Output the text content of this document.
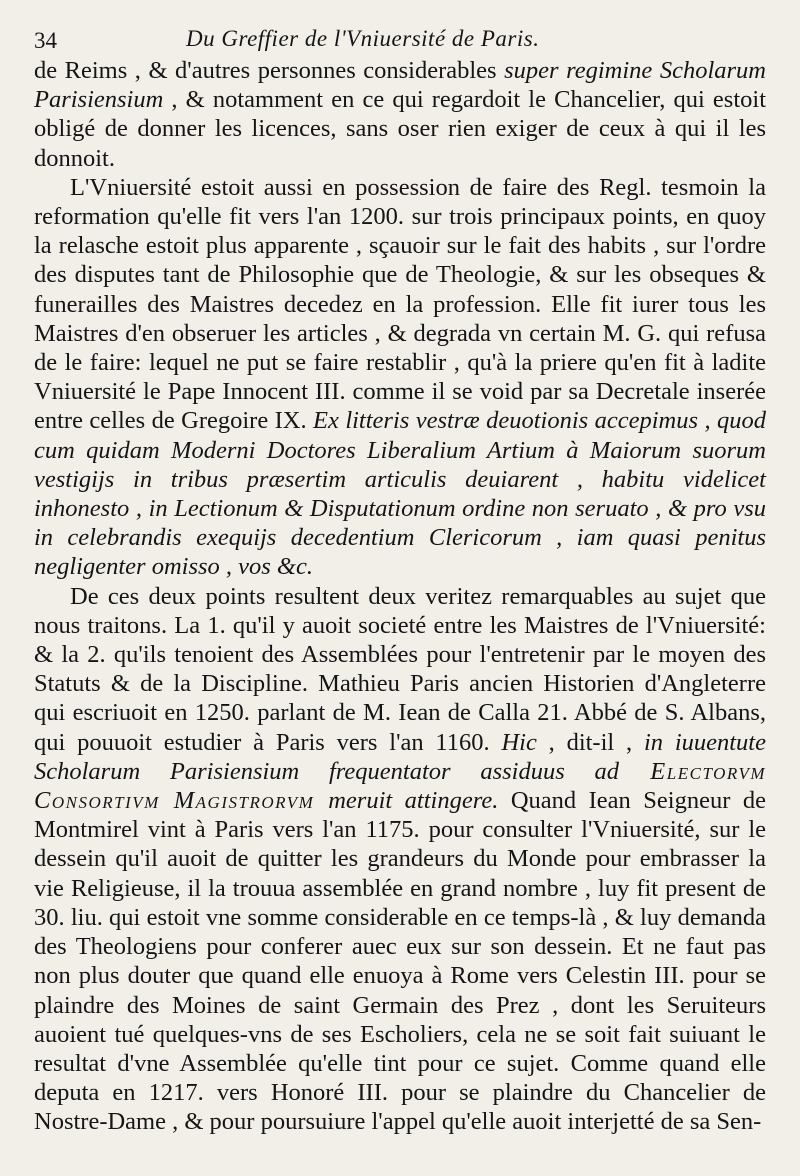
34	Du Greffier de l'Vniuersité de Paris.

de Reims , & d'autres personnes considerables super regimine Scholarum Parisiensium , & notamment en ce qui regardoit le Chancelier, qui estoit obligé de donner les licences, sans oser rien exiger de ceux à qui il les donnoit.

L'Vniuersité estoit aussi en possession de faire des Regl. tesmoin la reformation qu'elle fit vers l'an 1200. sur trois principaux points, en quoy la relasche estoit plus apparente , sçauoir sur le fait des habits , sur l'ordre des disputes tant de Philosophie que de Theologie, & sur les obseques & funerailles des Maistres decedez en la profession. Elle fit iurer tous les Maistres d'en obseruer les articles , & degrada vn certain M. G. qui refusa de le faire: lequel ne put se faire restablir , qu'à la priere qu'en fit à ladite Vniuersité le Pape Innocent III. comme il se void par sa Decretale inserée entre celles de Gregoire IX. Ex litteris vestræ deuotionis accepimus , quod cum quidam Moderni Doctores Liberalium Artium à Maiorum suorum vestigijs in tribus præsertim articulis deuiarent , habitu videlicet inhonesto , in Lectionum & Disputationum ordine non seruato , & pro vsu in celebrandis exequijs decedentium Clericorum , iam quasi penitus negligenter omisso , vos &c.

De ces deux points resultent deux veritez remarquables au sujet que nous traitons. La 1. qu'il y auoit societé entre les Maistres de l'Vniuersité: & la 2. qu'ils tenoient des Assemblées pour l'entretenir par le moyen des Statuts & de la Discipline. Mathieu Paris ancien Historien d'Angleterre qui escriuoit en 1250. parlant de M. Iean de Calla 21. Abbé de S. Albans, qui pouuoit estudier à Paris vers l'an 1160. Hic , dit-il , in iuuentute Scholarum Parisiensium frequentator assiduus ad Electorvm Consortivm Magistrorvm meruit attingere. Quand Iean Seigneur de Montmirel vint à Paris vers l'an 1175. pour consulter l'Vniuersité, sur le dessein qu'il auoit de quitter les grandeurs du Monde pour embrasser la vie Religieuse, il la trouua assemblée en grand nombre , luy fit present de 30. liu. qui estoit vne somme considerable en ce temps-là , & luy demanda des Theologiens pour conferer auec eux sur son dessein. Et ne faut pas non plus douter que quand elle enuoya à Rome vers Celestin III. pour se plaindre des Moines de saint Germain des Prez , dont les Seruiteurs auoient tué quelques-vns de ses Escholiers, cela ne se soit fait suiuant le resultat d'vne Assemblée qu'elle tint pour ce sujet. Comme quand elle deputa en 1217. vers Honoré III. pour se plaindre du Chancelier de Nostre-Dame , & pour poursuiure l'appel qu'elle auoit interjetté de sa Sen-
